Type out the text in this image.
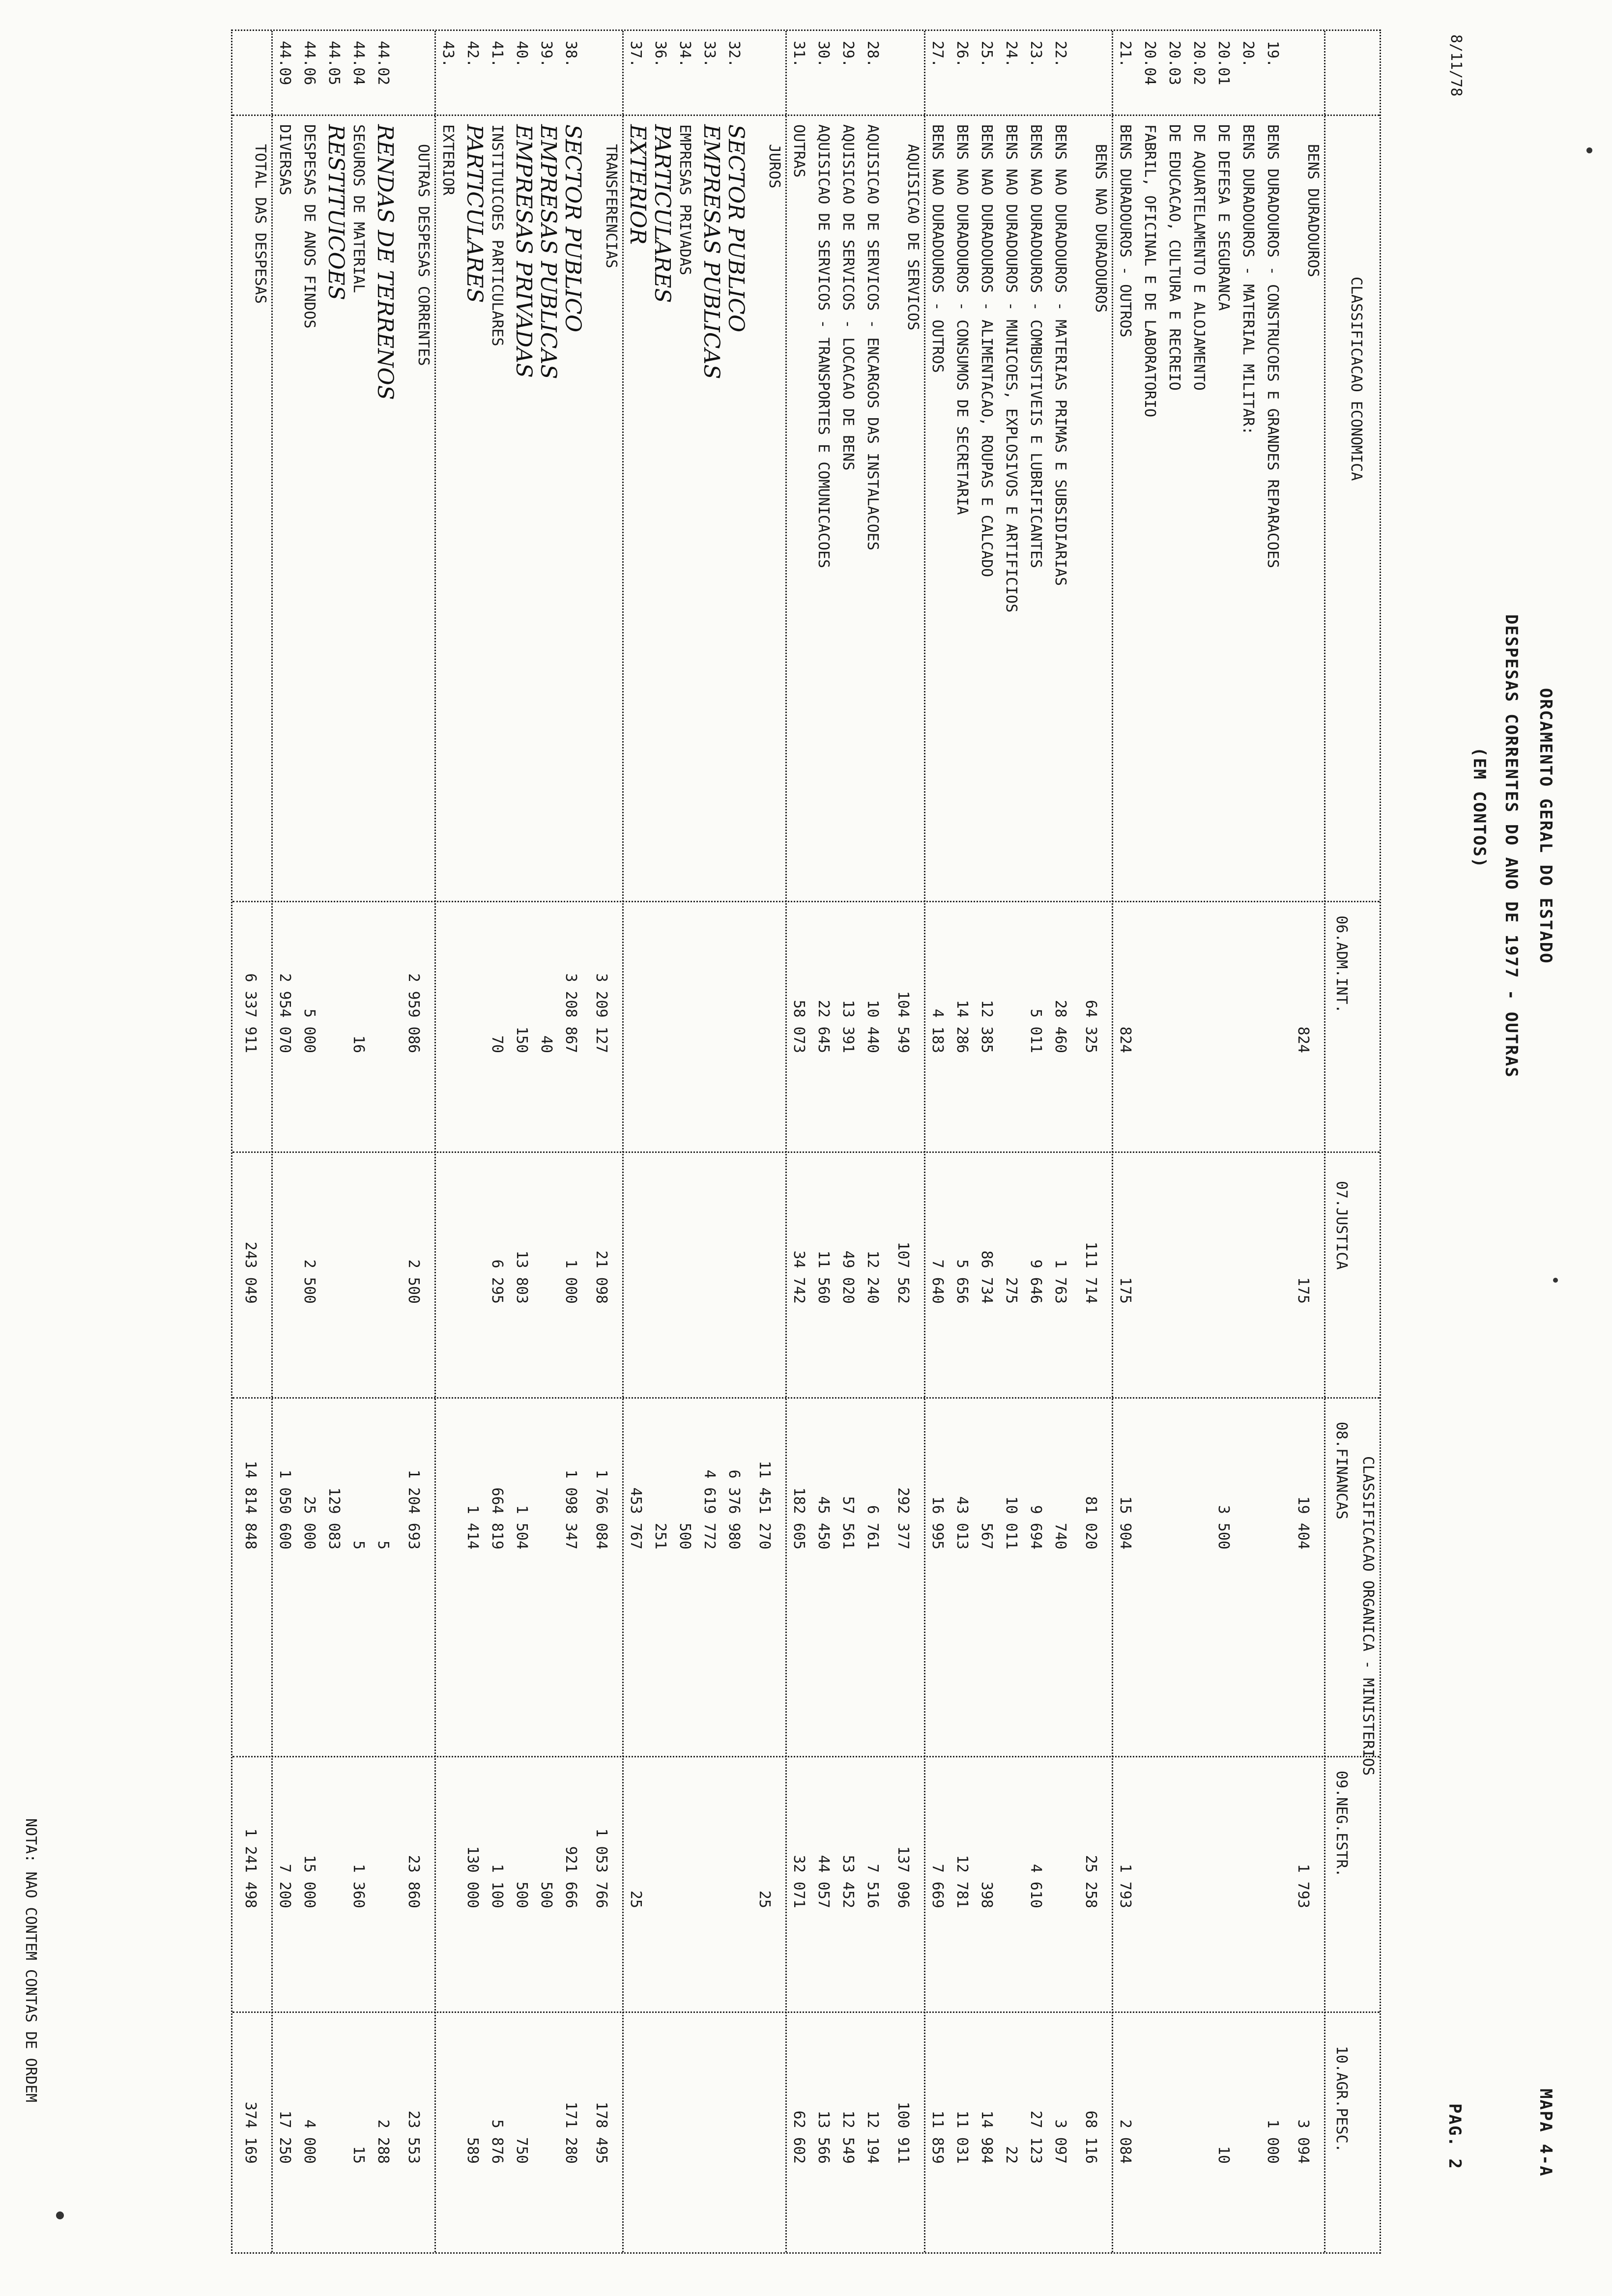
8/11/78
ORCAMENTO GERAL DO ESTADO
DESPESAS CORRENTES DO ANO DE 1977 - OUTRAS
(EM CONTOS)
MAPA 4-A
PAG. 2
CLASSIFICACAO ECONOMICA
CLASSIFICACAO ORGANICA - MINISTERIOS
06.ADM.INT.
07.JUSTICA
08.FINANCAS
09.NEG.ESTR.
10.AGR.PESC.
BENS DURADOUROS
824
175
19 404
1 793
3 094
19.
BENS DURADOUROS - CONSTRUCOES E GRANDES REPARACOES
1 000
20.
BENS DURADOUROS - MATERIAL MILITAR:
20.01
DE DEFESA E SEGURANCA
3 500
10
20.02
DE AQUARTELAMENTO E ALOJAMENTO
20.03
DE EDUCACAO, CULTURA E RECREIO
20.04
FABRIL, OFICINAL E DE LABORATORIO
21.
BENS DURADOUROS - OUTROS
824
175
15 904
1 793
2 084
BENS NAO DURADOUROS
64 325
111 714
81 020
25 258
68 116
22.
BENS NAO DURADOUROS - MATERIAS PRIMAS E SUBSIDIARIAS
28 460
1 763
740
3 097
23.
BENS NAO DURADOUROS - COMBUSTIVEIS E LUBRIFICANTES
5 011
9 646
9 694
4 610
27 123
24.
BENS NAO DURADOUROS - MUNICOES, EXPLOSIVOS E ARTIFICIOS
275
10 011
22
25.
BENS NAO DURADOUROS - ALIMENTACAO, ROUPAS E CALCADO
12 385
86 734
567
398
14 984
26.
BENS NAO DURADOUROS - CONSUMOS DE SECRETARIA
14 286
5 656
43 013
12 781
11 031
27.
BENS NAO DURADOUROS - OUTROS
4 183
7 640
16 995
7 669
11 859
AQUISICAO DE SERVICOS
104 549
107 562
292 377
137 096
100 911
28.
AQUISICAO DE SERVICOS - ENCARGOS DAS INSTALACOES
10 440
12 240
6 761
7 516
12 194
29.
AQUISICAO DE SERVICOS - LOCACAO DE BENS
13 391
49 020
57 561
53 452
12 549
30.
AQUISICAO DE SERVICOS - TRANSPORTES E COMUNICACOES
22 645
11 560
45 450
44 057
13 566
31.
OUTRAS
58 073
34 742
182 605
32 071
62 602
JUROS
11 451 270
25
32.
SECTOR PUBLICO
6 376 980
33.
EMPRESAS PUBLICAS
4 619 772
34.
EMPRESAS PRIVADAS
500
36.
PARTICULARES
251
37.
EXTERIOR
453 767
25
TRANSFERENCIAS
3 209 127
21 098
1 766 084
1 053 766
178 495
38.
SECTOR PUBLICO
3 208 867
1 000
1 098 347
921 666
171 280
39.
EMPRESAS PUBLICAS
40
500
40.
EMPRESAS PRIVADAS
150
13 803
1 504
500
750
41.
INSTITUICOES PARTICULARES
70
6 295
664 819
1 100
5 876
42.
PARTICULARES
1 414
130 000
589
43.
EXTERIOR
OUTRAS DESPESAS CORRENTES
2 959 086
2 500
1 204 693
23 860
23 553
44.02
RENDAS DE TERRENOS
5
2 288
44.04
SEGUROS DE MATERIAL
16
5
1 360
15
44.05
RESTITUICOES
129 083
44.06
DESPESAS DE ANOS FINDOS
5 000
2 500
25 000
15 000
4 000
44.09
DIVERSAS
2 954 070
1 050 600
7 200
17 250
TOTAL DAS DESPESAS
6 337 911
243 049
14 814 848
1 241 498
374 169
NOTA: NAO CONTEM CONTAS DE ORDEM
